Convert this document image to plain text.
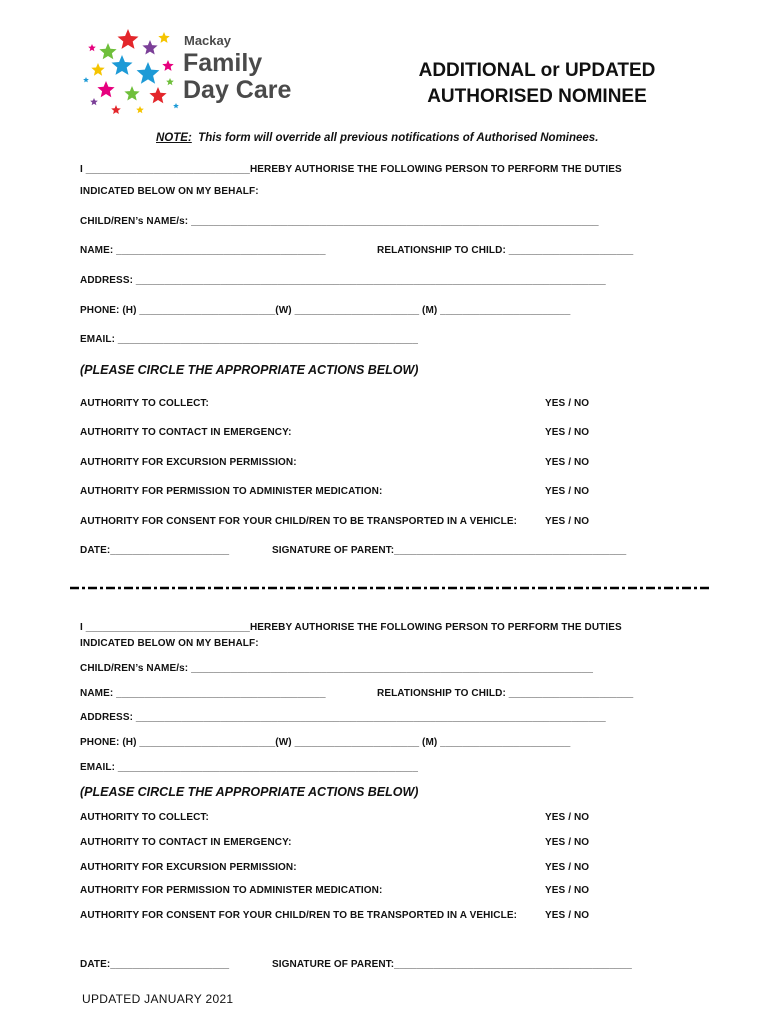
Mackay
Family
Day Care
ADDITIONAL or UPDATED
AUTHORISED NOMINEE
NOTE: This form will override all previous notifications of Authorised Nominees.
I _____________________________HEREBY AUTHORISE THE FOLLOWING PERSON TO PERFORM THE DUTIES
INDICATED BELOW ON MY BEHALF:
CHILD/REN’s NAME/s: ________________________________________________________________________
NAME: _____________________________________	RELATIONSHIP TO CHILD: ______________________
ADDRESS: ___________________________________________________________________________________
PHONE: (H) ________________________(W) ______________________ (M) _______________________
EMAIL: _____________________________________________________
(PLEASE CIRCLE THE APPROPRIATE ACTIONS BELOW)
AUTHORITY TO COLLECT:	YES / NO
AUTHORITY TO CONTACT IN EMERGENCY:	YES / NO
AUTHORITY FOR EXCURSION PERMISSION:	YES / NO
AUTHORITY FOR PERMISSION TO ADMINISTER MEDICATION:	YES / NO
AUTHORITY FOR CONSENT FOR YOUR CHILD/REN TO BE TRANSPORTED IN A VEHICLE:	YES / NO
DATE:_____________________	SIGNATURE OF PARENT:_________________________________________
I _____________________________HEREBY AUTHORISE THE FOLLOWING PERSON TO PERFORM THE DUTIES
INDICATED BELOW ON MY BEHALF:
CHILD/REN’s NAME/s: _______________________________________________________________________
NAME: _____________________________________	RELATIONSHIP TO CHILD: ______________________
ADDRESS: ___________________________________________________________________________________
PHONE: (H) ________________________(W) ______________________ (M) _______________________
EMAIL: _____________________________________________________
(PLEASE CIRCLE THE APPROPRIATE ACTIONS BELOW)
AUTHORITY TO COLLECT:	YES / NO
AUTHORITY TO CONTACT IN EMERGENCY:	YES / NO
AUTHORITY FOR EXCURSION PERMISSION:	YES / NO
AUTHORITY FOR PERMISSION TO ADMINISTER MEDICATION:	YES / NO
AUTHORITY FOR CONSENT FOR YOUR CHILD/REN TO BE TRANSPORTED IN A VEHICLE:	YES / NO
DATE:_____________________	SIGNATURE OF PARENT:__________________________________________
UPDATED JANUARY 2021
